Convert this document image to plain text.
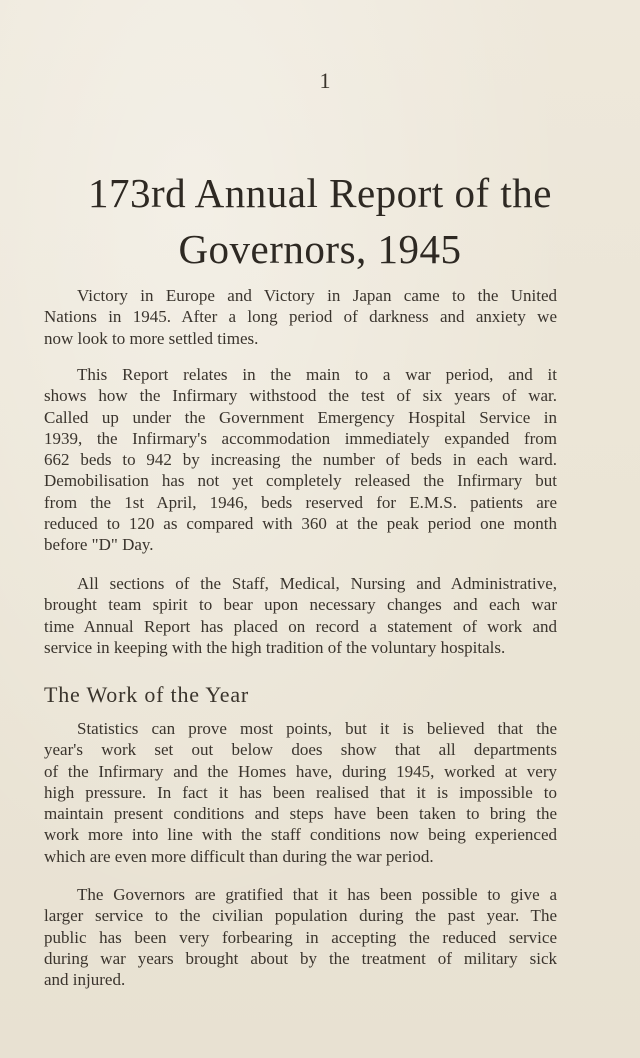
1
173rd Annual Report of the
Governors, 1945
Victory in Europe and Victory in Japan came to the United
Nations in 1945. After a long period of darkness and anxiety we
now look to more settled times.
This Report relates in the main to a war period, and it
shows how the Infirmary withstood the test of six years of war.
Called up under the Government Emergency Hospital Service in
1939, the Infirmary's accommodation immediately expanded from
662 beds to 942 by increasing the number of beds in each ward.
Demobilisation has not yet completely released the Infirmary but
from the 1st April, 1946, beds reserved for E.M.S. patients are
reduced to 120 as compared with 360 at the peak period one month
before "D" Day.
All sections of the Staff, Medical, Nursing and Administrative,
brought team spirit to bear upon necessary changes and each war
time Annual Report has placed on record a statement of work and
service in keeping with the high tradition of the voluntary hospitals.
The Work of the Year
Statistics can prove most points, but it is believed that the
year's work set out below does show that all departments
of the Infirmary and the Homes have, during 1945, worked at very
high pressure. In fact it has been realised that it is impossible to
maintain present conditions and steps have been taken to bring the
work more into line with the staff conditions now being experienced
which are even more difficult than during the war period.
The Governors are gratified that it has been possible to give a
larger service to the civilian population during the past year. The
public has been very forbearing in accepting the reduced service
during war years brought about by the treatment of military sick
and injured.
